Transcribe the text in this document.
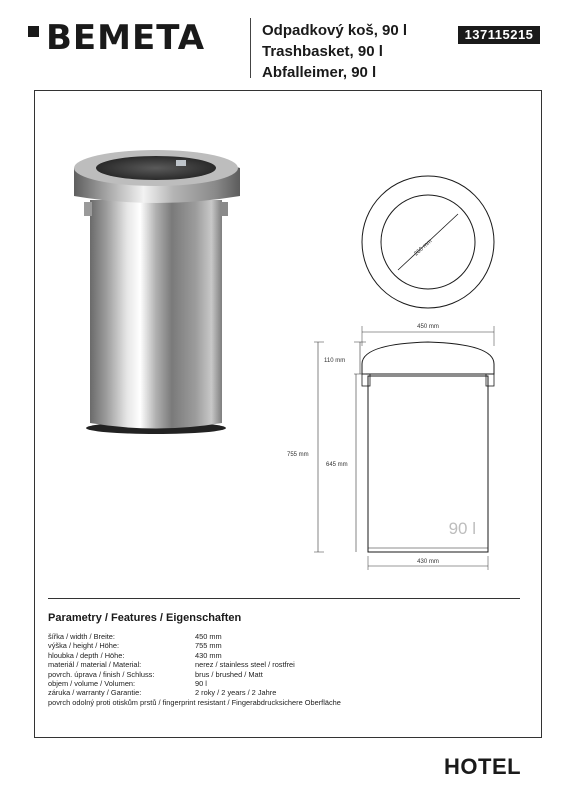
BEMETA	Odpadkový koš, 90 l
Trashbasket, 90 l
Abfalleimer, 90 l
137115215
260 mm
450 mm
90 l
110 mm
755 mm
645 mm
430 mm
Parametry / Features / Eigenschaften
šířka / width / Breite:	450 mm
výška / height / Höhe:	755 mm
hloubka / depth / Höhe:	430 mm
materiál / material / Material:	nerez / stainless steel / rostfrei
povrch. úprava / finish / Schluss:	brus / brushed / Matt
objem / volume / Volumen:	90 l
záruka / warranty / Garantie:	2 roky / 2 years / 2 Jahre
povrch odolný proti otiskům prstů / fingerprint resistant / Fingerabdrucksichere Oberfläche
HOTEL
